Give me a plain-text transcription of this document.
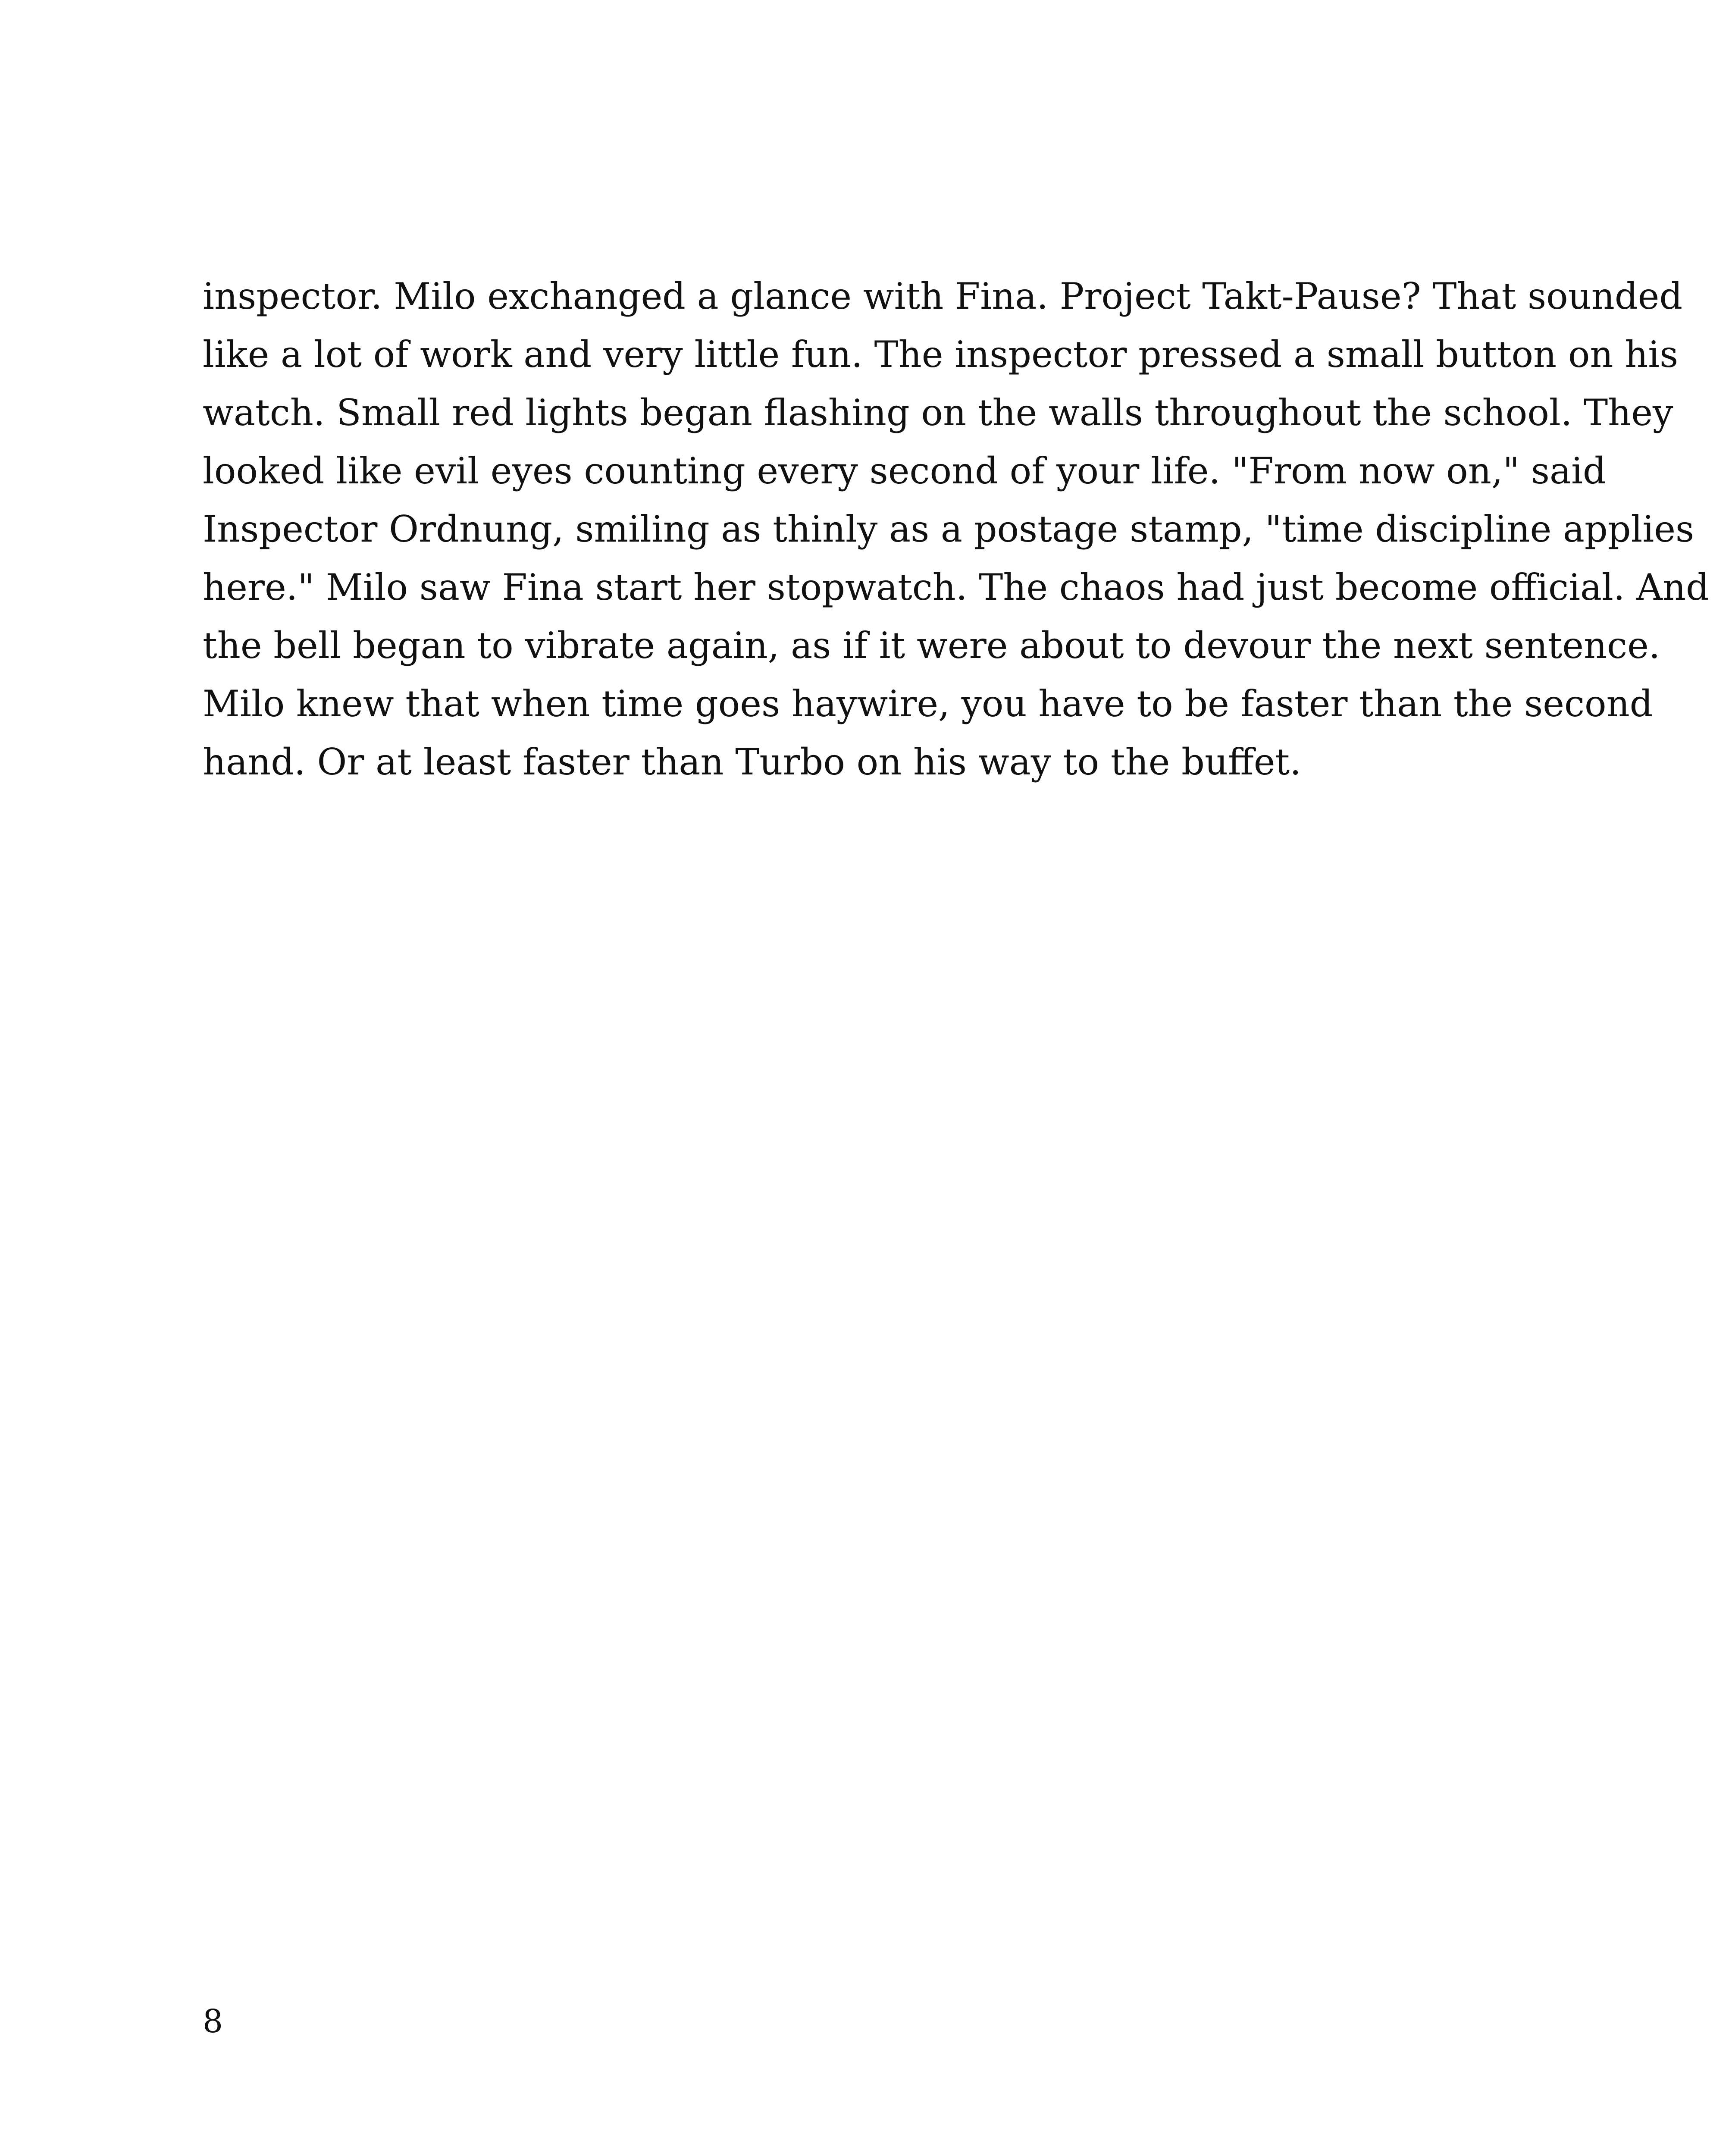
inspector. Milo exchanged a glance with Fina. Project Takt-Pause? That sounded
like a lot of work and very little fun. The inspector pressed a small button on his
watch. Small red lights began flashing on the walls throughout the school. They
looked like evil eyes counting every second of your life. "From now on," said
Inspector Ordnung, smiling as thinly as a postage stamp, "time discipline applies
here." Milo saw Fina start her stopwatch. The chaos had just become official. And
the bell began to vibrate again, as if it were about to devour the next sentence.
Milo knew that when time goes haywire, you have to be faster than the second
hand. Or at least faster than Turbo on his way to the buffet.
8
